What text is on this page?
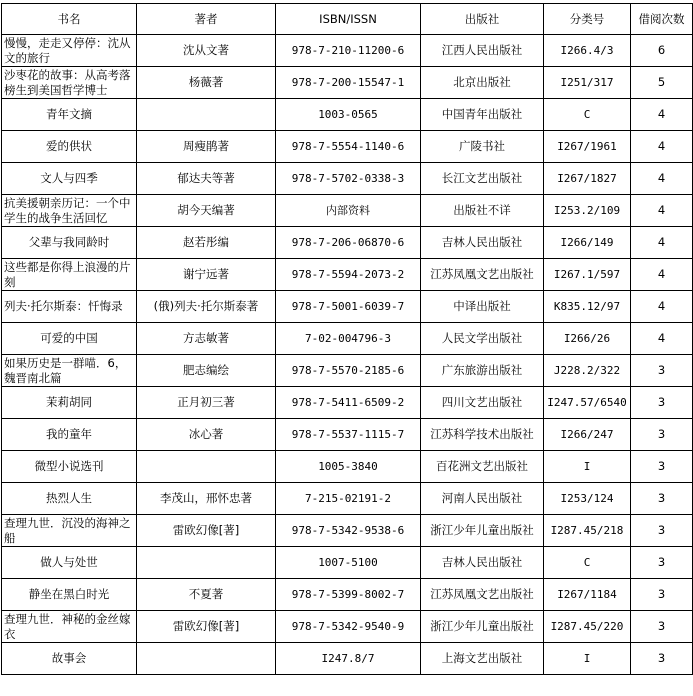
书名	著者	ISBN/ISSN	出版社	分类号	借阅次数
慢慢，走走又停停：沈从文的旅行	沈从文著	978-7-210-11200-6	江西人民出版社	I266.4/3	6
沙枣花的故事：从高考落榜生到美国哲学博士	杨薇著	978-7-200-15547-1	北京出版社	I251/317	5
青年文摘		1003-0565	中国青年出版社	C	4
爱的供状	周瘦鹃著	978-7-5554-1140-6	广陵书社	I267/1961	4
文人与四季	郁达夫等著	978-7-5702-0338-3	长江文艺出版社	I267/1827	4
抗美援朝亲历记：一个中学生的战争生活回忆	胡今天编著	内部资料	出版社不详	I253.2/109	4
父辈与我同龄时	赵若彤编	978-7-206-06870-6	吉林人民出版社	I266/149	4
这些都是你得上浪漫的片刻	谢宁远著	978-7-5594-2073-2	江苏凤凰文艺出版社	I267.1/597	4
列夫·托尔斯泰：忏悔录	(俄)列夫·托尔斯泰著	978-7-5001-6039-7	中译出版社	K835.12/97	4
可爱的中国	方志敏著	7-02-004796-3	人民文学出版社	I266/26	4
如果历史是一群喵．6，魏晋南北篇	肥志编绘	978-7-5570-2185-6	广东旅游出版社	J228.2/322	3
茉莉胡同	正月初三著	978-7-5411-6509-2	四川文艺出版社	I247.57/6540	3
我的童年	冰心著	978-7-5537-1115-7	江苏科学技术出版社	I266/247	3
微型小说选刊		1005-3840	百花洲文艺出版社	I	3
热烈人生	李茂山，邢怀忠著	7-215-02191-2	河南人民出版社	I253/124	3
查理九世．沉没的海神之船	雷欧幻像[著]	978-7-5342-9538-6	浙江少年儿童出版社	I287.45/218	3
做人与处世		1007-5100	吉林人民出版社	C	3
静坐在黑白时光	不夏著	978-7-5399-8002-7	江苏凤凰文艺出版社	I267/1184	3
查理九世．神秘的金丝嫁衣	雷欧幻像[著]	978-7-5342-9540-9	浙江少年儿童出版社	I287.45/220	3
故事会		I247.8/7	上海文艺出版社	I	3
